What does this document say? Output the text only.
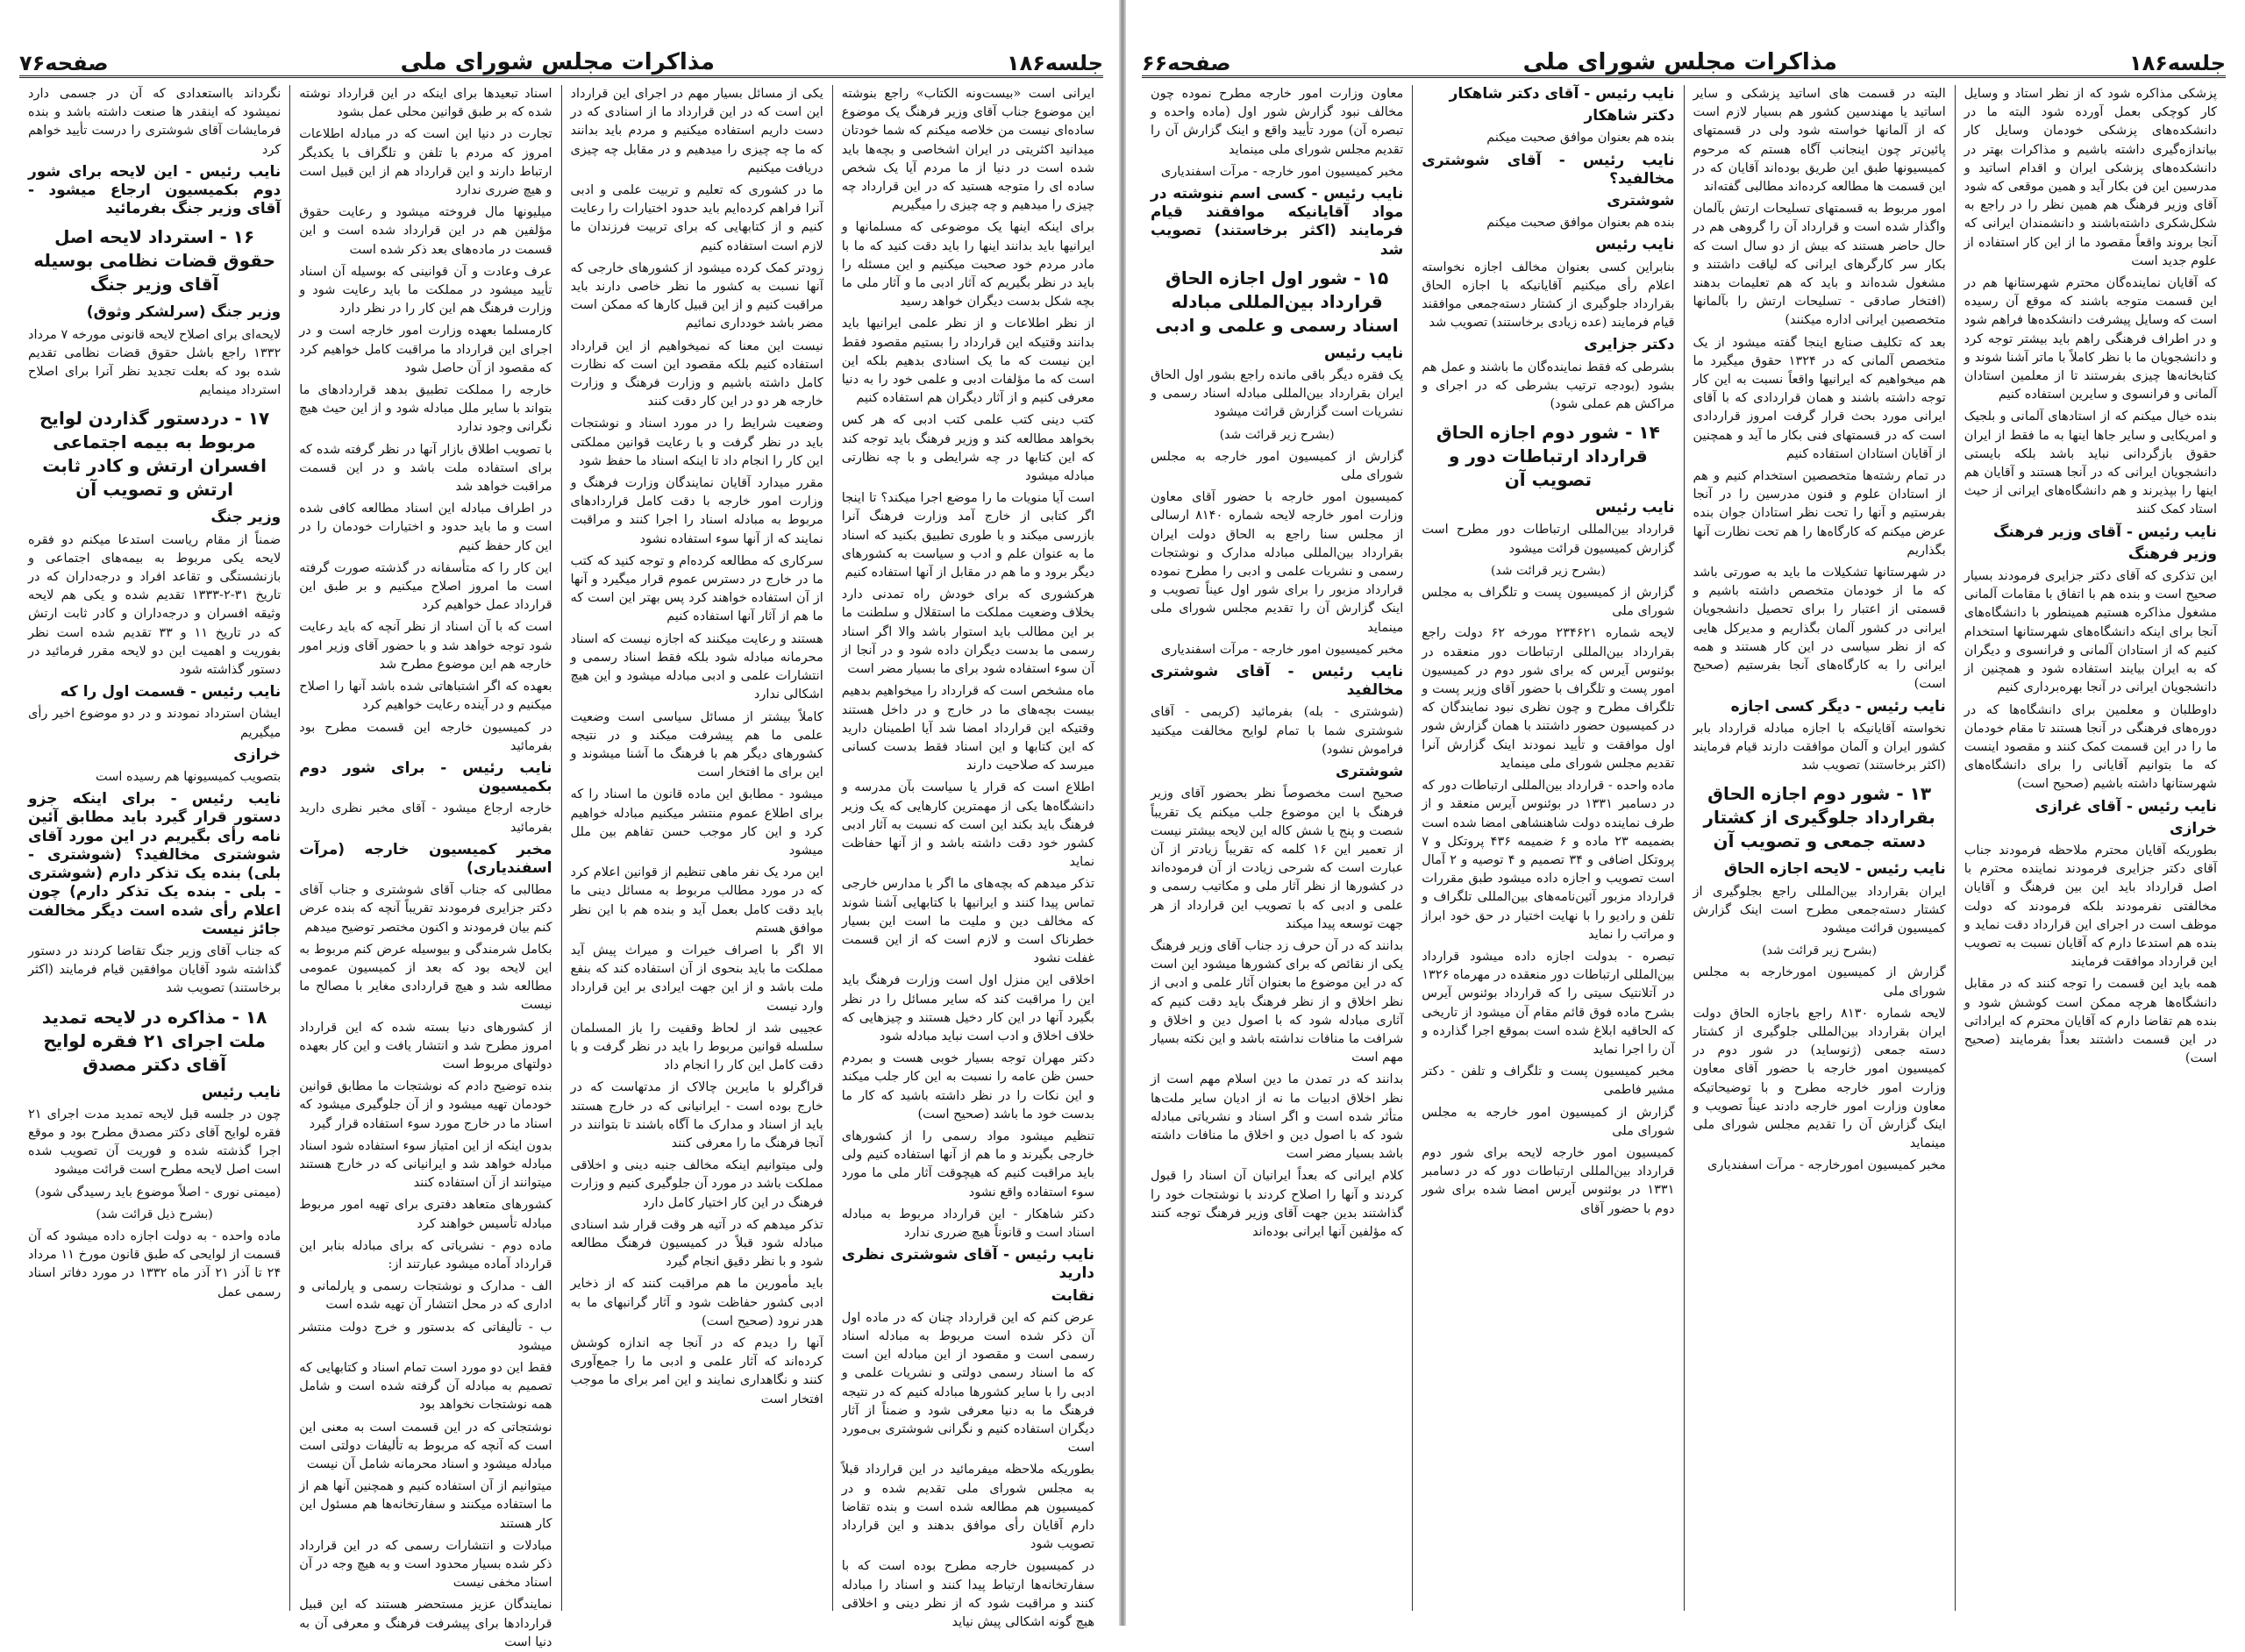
جلسه۱۸۶
مذاکرات مجلس شورای ملی
صفحه۷۶

ایرانی است «بیست‌ونه الکتاب» راجع بنوشته این موضوع جناب آقای وزیر فرهنگ یک موضوع ساده‌ای نیست من خلاصه میکنم که شما خودتان میدانید اکثریتی در ایران اشخاصی و بچه‌ها باید شده است در دنیا از ما مردم آیا یک شخص ساده ای را متوجه هستید که در این قرارداد چه چیزی را میدهیم و چه چیزی را میگیریم

برای اینکه اینها یک موضوعی که مسلمانها و ایرانیها باید بدانند اینها را باید دقت کنید که ما با مادر مردم خود صحبت میکنیم و این مسئله را باید در نظر بگیریم که آثار ادبی ما و آثار ملی ما بچه شکل بدست دیگران خواهد رسید

از نظر اطلاعات و از نظر علمی ایرانیها باید بدانند وقتیکه این قرارداد را بستیم مقصود فقط این نیست که ما یک اسنادی بدهیم بلکه این است که ما مؤلفات ادبی و علمی خود را به دنیا معرفی کنیم و از آثار دیگران هم استفاده کنیم

کتب دینی کتب علمی کتب ادبی که هر کس بخواهد مطالعه کند و وزیر فرهنگ باید توجه کند که این کتابها در چه شرایطی و با چه نظارتی مبادله میشود

است آیا منویات ما را موضع اجرا میکند؟ تا اینجا اگر کتابی از خارج آمد وزارت فرهنگ آنرا بازرسی میکند و با طوری تطبیق بکنید که اسناد ما به عنوان علم و ادب و سیاست به کشورهای دیگر برود و ما هم در مقابل از آنها استفاده کنیم

هرکشوری که برای خودش راه تمدنی دارد بخلاف وضعیت مملکت ما استقلال و سلطنت ما بر این مطالب باید استوار باشد والا اگر اسناد رسمی ما بدست دیگران داده شود و در آنجا از آن سوء استفاده شود برای ما بسیار مضر است

ماه مشخص است که قرارداد را میخواهیم بدهیم بیست بچه‌های ما در خارج و در داخل هستند وقتیکه این قرارداد امضا شد آیا اطمینان دارید که این کتابها و این اسناد فقط بدست کسانی میرسد که صلاحیت دارند

اطلاع است که قرار یا سیاست بآن مدرسه و دانشگاه‌ها یکی از مهمترین کارهایی که یک وزیر فرهنگ باید بکند این است که نسبت به آثار ادبی کشور خود دقت داشته باشد و از آنها حفاظت نماید

تذکر میدهم که بچه‌های ما اگر با مدارس خارجی تماس پیدا کنند و ایرانیها با کتابهایی آشنا شوند که مخالف دین و ملیت ما است این بسیار خطرناک است و لازم است که از این قسمت غفلت نشود

اخلاقی این منزل اول است وزارت فرهنگ باید این را مراقبت کند که سایر مسائل را در نظر بگیرد آنها در این کار دخیل هستند و چیزهایی که خلاف اخلاق و ادب است نباید مبادله شود

دکتر مهران توجه بسیار خوبی هست و بمردم حسن ظن عامه را نسبت به این کار جلب میکند و این نکات را در نظر داشته باشید که کار ما بدست خود ما باشد (صحیح است)

تنظیم میشود مواد رسمی را از کشورهای خارجی بگیرند و ما هم از آنها استفاده کنیم ولی باید مراقبت کنیم که هیچوقت آثار ملی ما مورد سوء استفاده واقع نشود

دکتر شاهکار - این قرارداد مربوط به مبادله اسناد است و قانوناً هیچ ضرری ندارد

نایب رئیس - آقای شوشتری نظری دارید

نقابت

عرض کنم که این قرارداد چنان که در ماده اول آن ذکر شده است مربوط به مبادله اسناد رسمی است و مقصود از این مبادله این است که ما اسناد رسمی دولتی و نشریات علمی و ادبی را با سایر کشورها مبادله کنیم که در نتیجه فرهنگ ما به دنیا معرفی شود و ضمناً از آثار دیگران استفاده کنیم و نگرانی شوشتری بی‌مورد است

بطوریکه ملاحظه میفرمائید در این قرارداد قبلاً به مجلس شورای ملی تقدیم شده و در کمیسیون هم مطالعه شده است و بنده تقاضا دارم آقایان رأی موافق بدهند و این قرارداد تصویب شود

در کمیسیون خارجه مطرح بوده است که با سفارتخانه‌ها ارتباط پیدا کنند و اسناد را مبادله کنند و مراقبت شود که از نظر دینی و اخلاقی هیچ گونه اشکالی پیش نیاید

یکی از مسائل بسیار مهم در اجرای این قرارداد این است که در این قرارداد ما از اسنادی که در دست داریم استفاده میکنیم و مردم باید بدانند که ما چه چیزی را میدهیم و در مقابل چه چیزی دریافت میکنیم

ما در کشوری که تعلیم و تربیت علمی و ادبی آنرا فراهم کرده‌ایم باید حدود اختیارات را رعایت کنیم و از کتابهایی که برای تربیت فرزندان ما لازم است استفاده کنیم

زودتر کمک کرده میشود از کشورهای خارجی که آنها نسبت به کشور ما نظر خاصی دارند باید مراقبت کنیم و از این قبیل کارها که ممکن است مضر باشد خودداری نمائیم

نیست این معنا که نمیخواهیم از این قرارداد استفاده کنیم بلکه مقصود این است که نظارت کامل داشته باشیم و وزارت فرهنگ و وزارت خارجه هر دو در این کار دقت کنند

وضعیت شرایط را در مورد اسناد و نوشتجات باید در نظر گرفت و با رعایت قوانین مملکتی این کار را انجام داد تا اینکه اسناد ما حفظ شود

مقرر میدارد آقایان نمایندگان وزارت فرهنگ و وزارت امور خارجه با دقت کامل قراردادهای مربوط به مبادله اسناد را اجرا کنند و مراقبت نمایند که از آنها سوء استفاده نشود

سرکاری که مطالعه کرده‌ام و توجه کنید که کتب ما در خارج در دسترس عموم قرار میگیرد و آنها از آن استفاده خواهند کرد پس بهتر این است که ما هم از آثار آنها استفاده کنیم

هستند و رعایت میکنند که اجازه نیست که اسناد محرمانه مبادله شود بلکه فقط اسناد رسمی و انتشارات علمی و ادبی مبادله میشود و این هیچ اشکالی ندارد

کاملاً بیشتر از مسائل سیاسی است وضعیت علمی ما هم پیشرفت میکند و در نتیجه کشورهای دیگر هم با فرهنگ ما آشنا میشوند و این برای ما افتخار است

میشود - مطابق این ماده قانون ما اسناد را که برای اطلاع عموم منتشر میکنیم مبادله خواهیم کرد و این کار موجب حسن تفاهم بین ملل میشود

این مرد یک نفر ماهی تنظیم از قوانین اعلام کرد که در مورد مطالب مربوط به مسائل دینی ما باید دقت کامل بعمل آید و بنده هم با این نظر موافق هستم

الا اگر با اصراف خیرات و میراث پیش آید مملکت ما باید بنحوی از آن استفاده کند که بنفع ملت باشد و از این جهت ایرادی بر این قرارداد وارد نیست

عجیبی شد از لحاظ وقفیت را باز المسلمان سلسله قوانین مربوط را باید در نظر گرفت و با دقت کامل این کار را انجام داد

قراگرلو با مایرین چالاک از مدتهاست که در خارج بوده است - ایرانیانی که در خارج هستند باید از اسناد و مدارک ما آگاه باشند تا بتوانند در آنجا فرهنگ ما را معرفی کنند

ولی میتوانیم اینکه مخالف جنبه دینی و اخلاقی مملکت باشد در مورد آن جلوگیری کنیم و وزارت فرهنگ در این کار اختیار کامل دارد

تذکر میدهم که در آتیه هر وقت قرار شد اسنادی مبادله شود قبلاً در کمیسیون فرهنگ مطالعه شود و با نظر دقیق انجام گیرد

باید مأمورین ما هم مراقبت کنند که از ذخایر ادبی کشور حفاظت شود و آثار گرانبهای ما به هدر نرود (صحیح است)

آنها را دیدم که در آنجا چه اندازه کوشش کرده‌اند که آثار علمی و ادبی ما را جمع‌آوری کنند و نگاهداری نمایند و این امر برای ما موجب افتخار است

اسناد تبعیدها برای اینکه در این قرارداد نوشته شده که بر طبق قوانین محلی عمل بشود

تجارت در دنیا این است که در مبادله اطلاعات امروز که مردم با تلفن و تلگراف با یکدیگر ارتباط دارند و این قرارداد هم از این قبیل است و هیچ ضرری ندارد

میلیونها مال فروخته میشود و رعایت حقوق مؤلفین هم در این قرارداد شده است و این قسمت در ماده‌های بعد ذکر شده است

عرف وعادت و آن قوانینی که بوسیله آن اسناد تأیید میشود در مملکت ما باید رعایت شود و وزارت فرهنگ هم این کار را در نظر دارد

کارمسلما بعهده وزارت امور خارجه است و در اجرای این قرارداد ما مراقبت کامل خواهیم کرد که مقصود از آن حاصل شود

خارجه را مملکت تطبیق بدهد قراردادهای ما بتواند با سایر ملل مبادله شود و از این حیث هیچ نگرانی وجود ندارد

با تصویب اطلاق بازار آنها در نظر گرفته شده که برای استفاده ملت باشد و در این قسمت مراقبت خواهد شد

در اطراف مبادله این اسناد مطالعه کافی شده است و ما باید حدود و اختیارات خودمان را در این کار حفظ کنیم

این کار را که متأسفانه در گذشته صورت گرفته است ما امروز اصلاح میکنیم و بر طبق این قرارداد عمل خواهیم کرد

است که با آن اسناد از نظر آنچه که باید رعایت شود توجه خواهد شد و با حضور آقای وزیر امور خارجه هم این موضوع مطرح شد

بعهده که اگر اشتباهاتی شده باشد آنها را اصلاح میکنیم و در آینده رعایت خواهیم کرد

در کمیسیون خارجه این قسمت مطرح بود بفرمائید

نایب رئیس - برای شور دوم بکمیسیون

خارجه ارجاع میشود - آقای مخبر نظری دارید بفرمائید

مخبر کمیسیون خارجه (مرآت اسفندیاری)

مطالبی که جناب آقای شوشتری و جناب آقای دکتر جزایری فرمودند تقریباً آنچه که بنده عرض کنم بیان فرمودند و اکنون مختصر توضیح میدهم

بکامل شرمندگی و بیوسیله عرض کنم مربوط به این لایحه بود که بعد از کمیسیون عمومی مطالعه شد و هیچ قراردادی مغایر با مصالح ما نیست

از کشورهای دنیا بسته شده که این قرارداد امروز مطرح شد و انتشار یافت و این کار بعهده دولتهای مربوط است

بنده توضیح دادم که نوشتجات ما مطابق قوانین خودمان تهیه میشود و از آن جلوگیری میشود که اسناد ما در خارج مورد سوء استفاده قرار گیرد

بدون اینکه از این امتیاز سوء استفاده شود اسناد مبادله خواهد شد و ایرانیانی که در خارج هستند میتوانند از آن استفاده کنند

کشورهای متعاهد دفتری برای تهیه امور مربوط مبادله تأسیس خواهند کرد

ماده دوم - نشریاتی که برای مبادله بنابر این قرارداد آماده میشود عبارتند از:

الف - مدارک و نوشتجات رسمی و پارلمانی و اداری که در محل انتشار آن تهیه شده است

ب - تألیفاتی که بدستور و خرج دولت منتشر میشود

فقط این دو مورد است تمام اسناد و کتابهایی که تصمیم به مبادله آن گرفته شده است و شامل همه نوشتجات نخواهد بود

نوشتجاتی که در این قسمت است به معنی این است که آنچه که مربوط به تألیفات دولتی است مبادله میشود و اسناد محرمانه شامل آن نیست

میتوانیم از آن استفاده کنیم و همچنین آنها هم از ما استفاده میکنند و سفارتخانه‌ها هم مسئول این کار هستند

مبادلات و انتشارات رسمی که در این قرارداد ذکر شده بسیار محدود است و به هیچ وجه در آن اسناد مخفی نیست

نمایندگان عزیز مستحضر هستند که این قبیل قراردادها برای پیشرفت فرهنگ و معرفی آن به دنیا است

نگرداند بااستعدادی که آن در جسمی دارد نمیشود که اینقدر ها صنعت داشته باشد و بنده فرمایشات آقای شوشتری را درست تأیید خواهم کرد

نایب رئیس - این لایحه برای شور دوم بکمیسیون ارجاع میشود - آقای وزیر جنگ بفرمائید

۱۶ - استرداد لایحه اصل حقوق قضات نظامی بوسیله آقای وزیر جنگ

وزیر جنگ (سرلشکر وثوق)

لایحه‌ای برای اصلاح لایحه قانونی مورخه ۷ مرداد ۱۳۳۲ راجع باشل حقوق قضات نظامی تقدیم شده بود که بعلت تجدید نظر آنرا برای اصلاح استرداد مینمایم

۱۷ - دردستور گذاردن لوایح مربوط به بیمه اجتماعی افسران ارتش و کادر ثابت ارتش و تصویب آن

وزیر جنگ

ضمناً از مقام ریاست استدعا میکنم دو فقره لایحه یکی مربوط به بیمه‌های اجتماعی و بازنشستگی و تقاعد افراد و درجه‌داران که در تاریخ ۳۱-۲-۱۳۳۳ تقدیم شده و یکی هم لایحه وثیقه افسران و درجه‌داران و کادر ثابت ارتش که در تاریخ ۱۱ و ۳۳ تقدیم شده است نظر بفوریت و اهمیت این دو لایحه مقرر فرمائید در دستور گذاشته شود

نایب رئیس - قسمت اول را که

ایشان استرداد نمودند و در دو موضوع اخیر رأی میگیریم

خرازی

بتصویب کمیسیونها هم رسیده است

نایب رئیس - برای اینکه جزو دستور قرار گیرد باید مطابق آئین نامه رأی بگیریم در این مورد آقای شوشتری مخالفید؟ (شوشتری - بلی) بنده یک تذکر دارم (شوشتری - بلی - بنده یک تذکر دارم) چون اعلام رأی شده است دیگر مخالفت جائز نیست

که جناب آقای وزیر جنگ تقاضا کردند در دستور گذاشته شود آقایان موافقین قیام فرمایند (اکثر برخاستند) تصویب شد

۱۸ - مذاکره در لایحه تمدید ملت اجرای ۲۱ فقره لوایح آقای دکتر مصدق

نایب رئیس

چون در جلسه قبل لایحه تمدید مدت اجرای ۲۱ فقره لوایح آقای دکتر مصدق مطرح بود و موقع اجرا گذشته شده و فوریت آن تصویب شده است اصل لایحه مطرح است قرائت میشود

(میمنی نوری - اصلاً موضوع باید رسیدگی شود)

(بشرح ذیل قرائت شد)

ماده واحده - به دولت اجازه داده میشود که آن قسمت از لوایحی که طبق قانون مورخ ۱۱ مرداد ۲۴ تا آذر ۲۱ آذر ماه ۱۳۳۲ در مورد دفاتر اسناد رسمی عمل

جلسه۱۸۶
مذاکرات مجلس شورای ملی
صفحه۶۶

پزشکی مذاکره شود که از نظر استاد و وسایل کار کوچکی بعمل آورده شود البته ما در دانشکده‌های پزشکی خودمان وسایل کار بیاندازه‌گیری داشته باشیم و مذاکرات بهتر در دانشکده‌های پزشکی ایران و اقدام اساتید و مدرسین این فن بکار آید و همین موقعی که شود آقای وزیر فرهنگ هم همین نظر را در راجع به شکل‌شکری داشته‌باشند و دانشمندان ایرانی که آنجا بروند واقعاً مقصود ما از این کار استفاده از علوم جدید است

که آقایان نماینده‌گان محترم شهرستانها هم در این قسمت متوجه باشند که موقع آن رسیده است که وسایل پیشرفت دانشکده‌ها فراهم شود و در اطراف فرهنگی راهم باید بیشتر توجه کرد و دانشجویان ما با نظر کاملاً با ماتر آشنا شوند و کتابخانه‌ها چیزی بفرستند تا از معلمین استادان آلمانی و فرانسوی و سایرین استفاده کنیم

بنده خیال میکنم که از استادهای آلمانی و بلجیک و امریکایی و سایر جاها اینها به ما فقط از ایران حقوق بازگردانی نباید باشد بلکه بایستی دانشجویان ایرانی که در آنجا هستند و آقایان هم اینها را بپذیرند و هم دانشگاه‌های ایرانی از حیث استاد کمک کنند

نایب رئیس - آقای وزیر فرهنگ

وزیر فرهنگ

این تذکری که آقای دکتر جزایری فرمودند بسیار صحیح است و بنده هم با اتفاق با مقامات آلمانی مشغول مذاکره هستیم همینطور با دانشگاه‌های آنجا برای اینکه دانشگاه‌های شهرستانها استخدام کنیم که از استادان آلمانی و فرانسوی و دیگران که به ایران بیایند استفاده شود و همچنین از دانشجویان ایرانی در آنجا بهره‌برداری کنیم

داوطلبان و معلمین برای دانشگاه‌ها که در دوره‌های فرهنگی در آنجا هستند تا مقام خودمان ما را در این قسمت کمک کنند و مقصود اینست که ما بتوانیم آقایانی را برای دانشگاه‌های شهرستانها داشته باشیم (صحیح است)

نایب رئیس - آقای غرازی

خرازی

بطوریکه آقایان محترم ملاحظه فرمودند جناب آقای دکتر جزایری فرمودند نماینده محترم با اصل قرارداد باید این بین فرهنگ و آقایان مخالفتی نفرمودند بلکه فرمودند که دولت موظف است در اجرای این قرارداد دقت نماید و بنده هم استدعا دارم که آقایان نسبت به تصویب این قرارداد موافقت فرمایند

همه باید این قسمت را توجه کنند که در مقابل دانشگاه‌ها هرچه ممکن است کوشش شود و بنده هم تقاضا دارم که آقایان محترم که ایراداتی در این قسمت داشتند بعداً بفرمایند (صحیح است)

البته در قسمت های اساتید پزشکی و سایر اساتید یا مهندسین کشور هم بسیار لازم است که از آلمانها خواسته شود ولی در قسمتهای پائین‌تر چون اینجانب آگاه هستم که مرحوم کمیسیونها طبق این طریق بوده‌اند آقایان که در این قسمت ها مطالعه کرده‌اند مطالبی گفته‌اند

امور مربوط به قسمتهای تسلیحات ارتش بآلمان واگذار شده است و قرارداد آن را گروهی هم در حال حاضر هستند که بیش از دو سال است که بکار سر کارگرهای ایرانی که لیاقت داشتند و مشغول شده‌اند و باید که هم تعلیمات بدهند (افتخار صادقی - تسلیحات ارتش را بآلمانها متخصصین ایرانی اداره میکنند)

بعد که تکلیف صنایع اینجا گفته میشود از یک متخصص آلمانی که در ۱۳۲۴ حقوق میگیرد ما هم میخواهیم که ایرانیها واقعاً نسبت به این کار توجه داشته باشند و همان قراردادی که با آقای ایرانی مورد بحث قرار گرفت امروز قراردادی است که در قسمتهای فنی بکار ما آید و همچنین از آقایان استادان استفاده کنیم

در تمام رشته‌ها متخصصین استخدام کنیم و هم از استادان علوم و فنون مدرسین را در آنجا بفرستیم و آنها را تحت نظر استادان جوان بنده عرض میکنم که کارگاه‌ها را هم تحت نظارت آنها بگذاریم

در شهرستانها تشکیلات ما باید به صورتی باشد که ما از خودمان متخصص داشته باشیم و قسمتی از اعتبار را برای تحصیل دانشجویان ایرانی در کشور آلمان بگذاریم و مدیرکل هایی که از نظر سیاسی در این کار هستند و همه ایرانی را به کارگاه‌های آنجا بفرستیم (صحیح است)

نایب رئیس - دیگر کسی اجازه

نخواسته آقایانیکه با اجازه مبادله قرارداد بابر کشور ایران و آلمان موافقت دارند قیام فرمایند (اکثر برخاستند) تصویب شد

۱۳ - شور دوم اجازه الحاق بقرارداد جلوگیری از کشتار دسته جمعی و تصویب آن

نایب رئیس - لایحه اجازه الحاق

ایران بقرارداد بین‌المللی راجع بجلوگیری از کشتار دسته‌جمعی مطرح است اینک گزارش کمیسیون قرائت میشود

(بشرح زیر قرائت شد)

گزارش از کمیسیون امورخارجه به مجلس شورای ملی

لایحه شماره ۸۱۳۰ راجع باجازه الحاق دولت ایران بقرارداد بین‌المللی جلوگیری از کشتار دسته جمعی (ژنوساید) در شور دوم در کمیسیون امور خارجه با حضور آقای معاون وزارت امور خارجه مطرح و با توضیحاتیکه معاون وزارت امور خارجه دادند عیناً تصویب و اینک گزارش آن را تقدیم مجلس شورای ملی مینماید

مخبر کمیسیون امورخارجه - مرآت اسفندیاری

نایب رئیس - آقای دکتر شاهکار

دکتر شاهکار

بنده هم بعنوان موافق صحبت میکنم

نایب رئیس - آقای شوشتری مخالفید؟

شوشتری

بنده هم بعنوان موافق صحبت میکنم

نایب رئیس

بنابراین کسی بعنوان مخالف اجازه نخواسته اعلام رأی میکنیم آقایانیکه با اجازه الحاق بقرارداد جلوگیری از کشتار دسته‌جمعی موافقند قیام فرمایند (عده زیادی برخاستند) تصویب شد

دکتر جزایری

بشرطی که فقط نماینده‌گان ما باشند و عمل هم بشود (بودجه ترتیب بشرطی که در اجرای و مراکش هم عملی شود)

۱۴ - شور دوم اجازه الحاق قرارداد ارتباطات دور و تصویب آن

نایب رئیس

قرارداد بین‌المللی ارتباطات دور مطرح است گزارش کمیسیون قرائت میشود

(بشرح زیر قرائت شد)

گزارش از کمیسیون پست و تلگراف به مجلس شورای ملی

لایحه شماره ۲۳۴۶۲۱ مورخه ۶۲ دولت راجع بقرارداد بین‌المللی ارتباطات دور منعقده در بوئنوس آیرس که برای شور دوم در کمیسیون امور پست و تلگراف با حضور آقای وزیر پست و تلگراف مطرح و چون نظری نبود نمایندگان که در کمیسیون حضور داشتند با همان گزارش شور اول موافقت و تأیید نمودند اینک گزارش آنرا تقدیم مجلس شورای ملی مینماید

ماده واحده - قرارداد بین‌المللی ارتباطات دور که در دسامبر ۱۳۳۱ در بوئنوس آیرس منعقد و از طرف نماینده دولت شاهنشاهی امضا شده است بضمیمه ۲۳ ماده و ۶ ضمیمه ۴۳۶ پروتکل و ۷ پروتکل اضافی و ۳۴ تصمیم و ۴ توصیه و ۲ آمال است تصویب و اجازه داده میشود طبق مقررات قرارداد مزبور آئین‌نامه‌های بین‌المللی تلگراف و تلفن و رادیو را با نهایت اختیار در حق خود ابراز و مراتب را نماید

تبصره - بدولت اجازه داده میشود قرارداد بین‌المللی ارتباطات دور منعقده در مهرماه ۱۳۲۶ در آتلانتیک سیتی را که قرارداد بوئنوس آیرس بشرح ماده فوق قائم مقام آن میشود از تاریخی که الحاقیه ابلاغ شده است بموقع اجرا گذارده و آن را اجرا نماید

مخبر کمیسیون پست و تلگراف و تلفن - دکتر مشیر فاطمی

گزارش از کمیسیون امور خارجه به مجلس شورای ملی

کمیسیون امور خارجه لایحه برای شور دوم قرارداد بین‌المللی ارتباطات دور که در دسامبر ۱۳۳۱ در بوئنوس آیرس امضا شده برای شور دوم با حضور آقای

معاون وزارت امور خارجه مطرح نموده چون مخالف نبود گزارش شور اول (ماده واحده و تبصره آن) مورد تأیید واقع و اینک گزارش آن را تقدیم مجلس شورای ملی مینماید

مخبر کمیسیون امور خارجه - مرآت اسفندیاری

نایب رئیس - کسی اسم ننوشته در مواد آقایانیکه موافقند قیام فرمایند (اکثر برخاستند) تصویب شد

۱۵ - شور اول اجازه الحاق قرارداد بین‌المللی مبادله اسناد رسمی و علمی و ادبی

نایب رئیس

یک فقره دیگر باقی مانده راجع بشور اول الحاق ایران بقرارداد بین‌المللی مبادله اسناد رسمی و نشریات است گزارش قرائت میشود

(بشرح زیر قرائت شد)

گزارش از کمیسیون امور خارجه به مجلس شورای ملی

کمیسیون امور خارجه با حضور آقای معاون وزارت امور خارجه لایحه شماره ۸۱۴۰ ارسالی از مجلس سنا راجع به الحاق دولت ایران بقرارداد بین‌المللی مبادله مدارک و نوشتجات رسمی و نشریات علمی و ادبی را مطرح نموده قرارداد مزبور را برای شور اول عیناً تصویب و اینک گزارش آن را تقدیم مجلس شورای ملی مینماید

مخبر کمیسیون امور خارجه - مرآت اسفندیاری

نایب رئیس - آقای شوشتری مخالفید

(شوشتری - بله) بفرمائید (کریمی - آقای شوشتری شما با تمام لوایح مخالفت میکنید فراموش نشود)

شوشتری

صحیح است مخصوصاً نظر بحضور آقای وزیر فرهنگ با این موضوع جلب میکنم یک تقریباً شصت و پنج یا شش کاله این لایحه بیشتر نیست از تعمیر این ۱۶ کلمه که تقریباً زیادتر از آن عبارت است که شرحی زیادت از آن فرموده‌اند در کشورها از نظر آثار ملی و مکاتیب رسمی و علمی و ادبی که با تصویب این قرارداد از هر جهت توسعه پیدا میکند

بدانند که در آن حرف زد جناب آقای وزیر فرهنگ یکی از نقائص که برای کشورها میشود این است که در این موضوع ما بعنوان آثار علمی و ادبی از نظر اخلاق و از نظر فرهنگ باید دقت کنیم که آثاری مبادله شود که با اصول دین و اخلاق و شرافت ما منافات نداشته باشد و این نکته بسیار مهم است

بدانند که در تمدن ما دین اسلام مهم است از نظر اخلاق ادبیات ما نه از ادیان سایر ملت‌ها متأثر شده است و اگر اسناد و نشریاتی مبادله شود که با اصول دین و اخلاق ما منافات داشته باشد بسیار مضر است

کلام ایرانی که بعداً ایرانیان آن اسناد را قبول کردند و آنها را اصلاح کردند با نوشتجات خود را گذاشتند بدین جهت آقای وزیر فرهنگ توجه کنند که مؤلفین آنها ایرانی بوده‌اند
